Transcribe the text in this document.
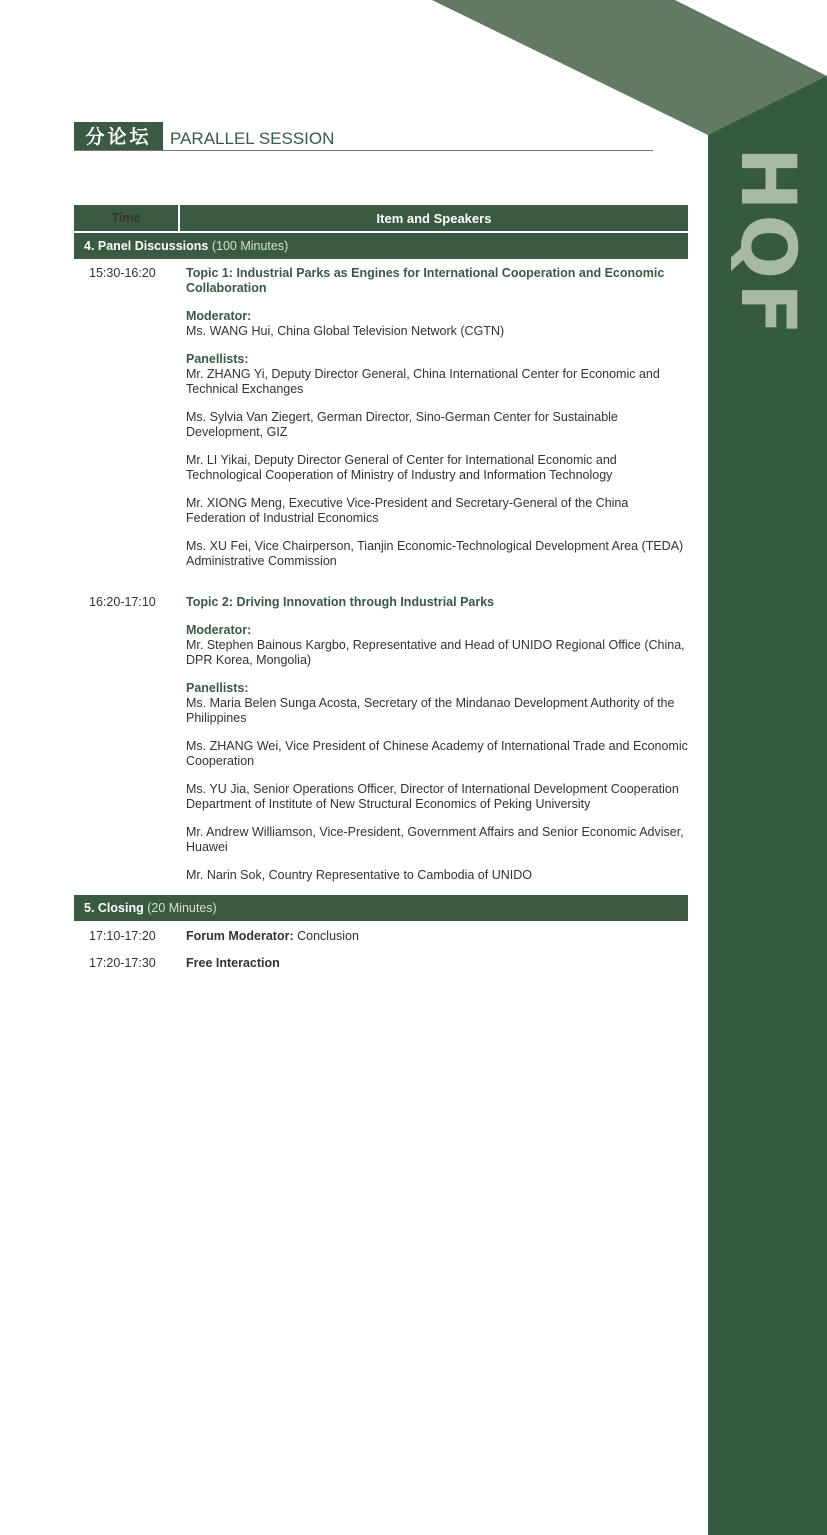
HQF
分论坛	PARALLEL SESSION
Time	Item and Speakers
4. Panel Discussions (100 Minutes)
15:30-16:20 Topic 1: Industrial Parks as Engines for International Cooperation and Economic Collaboration
Moderator:
Ms. WANG Hui, China Global Television Network (CGTN)
Panellists:
Mr. ZHANG Yi, Deputy Director General, China International Center for Economic and Technical Exchanges
Ms. Sylvia Van Ziegert, German Director, Sino-German Center for Sustainable Development, GIZ
Mr. LI Yikai, Deputy Director General of Center for International Economic and Technological Cooperation of Ministry of Industry and Information Technology
Mr. XIONG Meng, Executive Vice-President and Secretary-General of the China Federation of Industrial Economics
Ms. XU Fei, Vice Chairperson, Tianjin Economic-Technological Development Area (TEDA) Administrative Commission
16:20-17:10 Topic 2: Driving Innovation through Industrial Parks
Moderator:
Mr. Stephen Bainous Kargbo, Representative and Head of UNIDO Regional Office (China, DPR Korea, Mongolia)
Panellists:
Ms. Maria Belen Sunga Acosta, Secretary of the Mindanao Development Authority of the Philippines
Ms. ZHANG Wei, Vice President of Chinese Academy of International Trade and Economic Cooperation
Ms. YU Jia, Senior Operations Officer, Director of International Development Cooperation Department of Institute of New Structural Economics of Peking University
Mr. Andrew Williamson, Vice-President, Government Affairs and Senior Economic Adviser, Huawei
Mr. Narin Sok, Country Representative to Cambodia of UNIDO
5. Closing (20 Minutes)
17:10-17:20 Forum Moderator: Conclusion
17:20-17:30 Free Interaction
